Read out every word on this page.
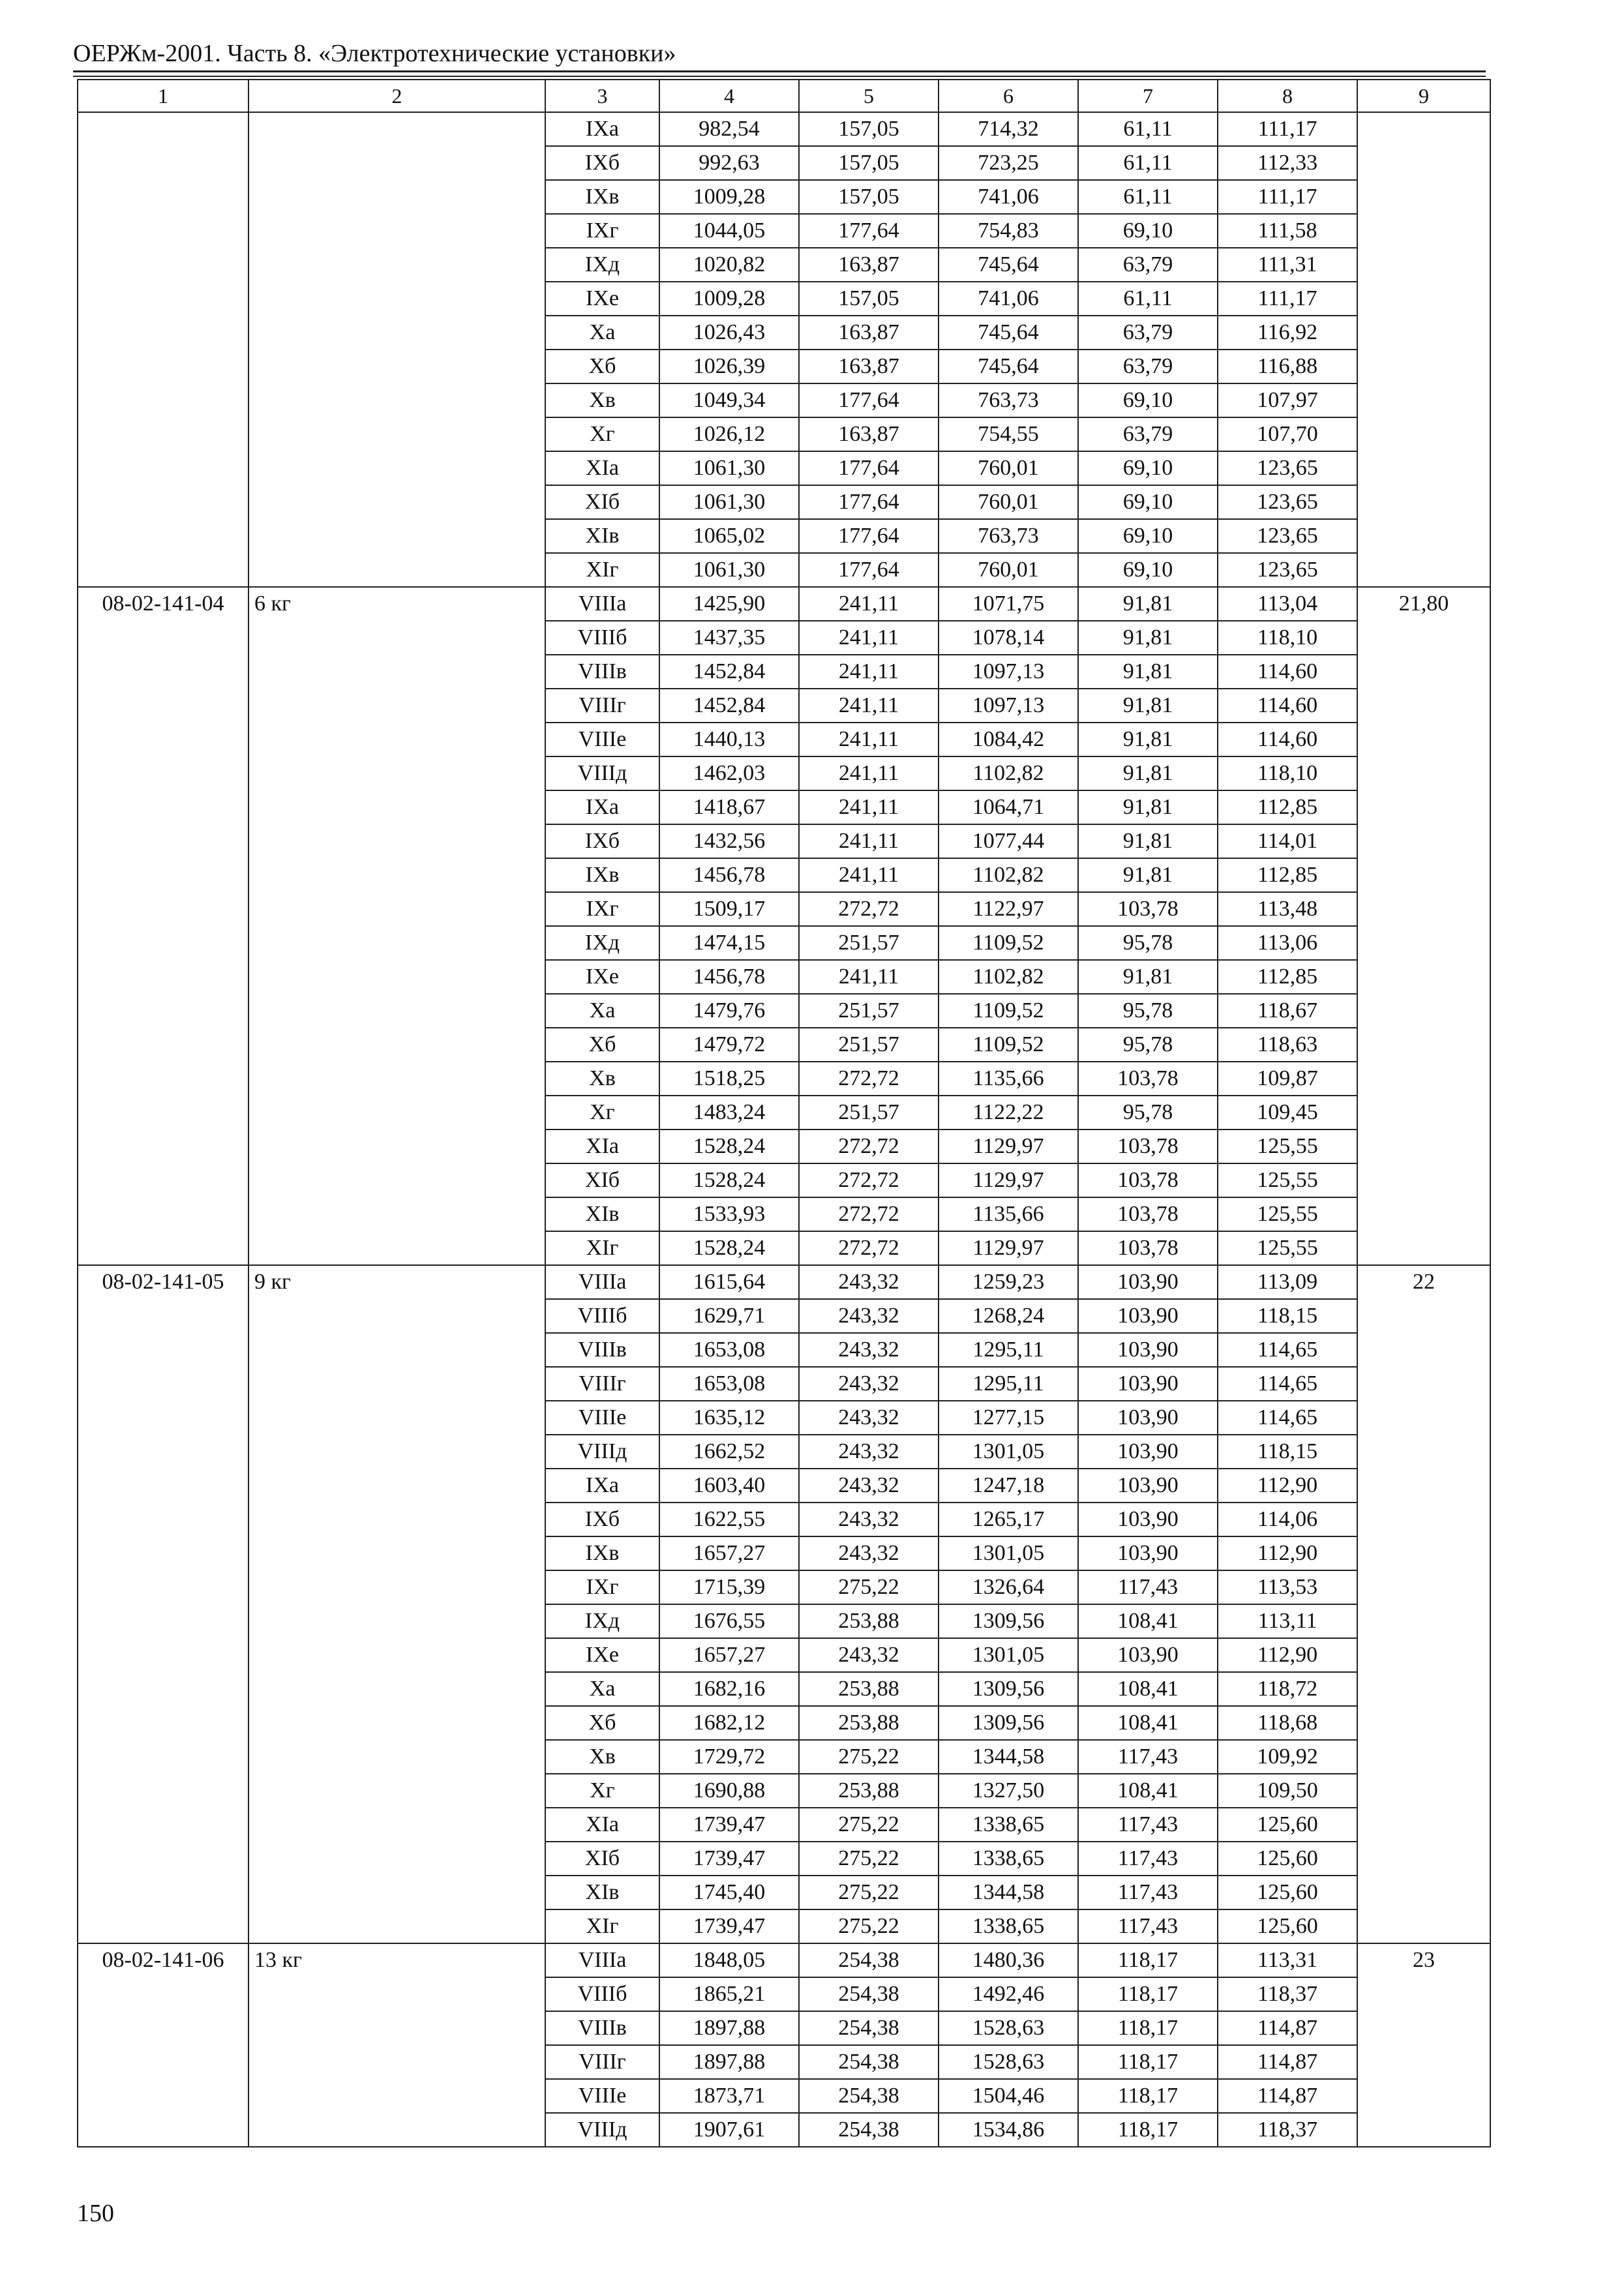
ОЕРЖм-2001. Часть 8. «Электротехнические установки»
1	2	3	4	5	6	7	8	9
		IXа	982,54	157,05	714,32	61,11	111,17	
		IXб	992,63	157,05	723,25	61,11	112,33	
		IXв	1009,28	157,05	741,06	61,11	111,17	
		IXг	1044,05	177,64	754,83	69,10	111,58	
		IXд	1020,82	163,87	745,64	63,79	111,31	
		IXе	1009,28	157,05	741,06	61,11	111,17	
		Xа	1026,43	163,87	745,64	63,79	116,92	
		Xб	1026,39	163,87	745,64	63,79	116,88	
		Xв	1049,34	177,64	763,73	69,10	107,97	
		Xг	1026,12	163,87	754,55	63,79	107,70	
		XIа	1061,30	177,64	760,01	69,10	123,65	
		XIб	1061,30	177,64	760,01	69,10	123,65	
		XIв	1065,02	177,64	763,73	69,10	123,65	
		XIг	1061,30	177,64	760,01	69,10	123,65	
08-02-141-04	6 кг	VIIIа	1425,90	241,11	1071,75	91,81	113,04	21,80
		VIIIб	1437,35	241,11	1078,14	91,81	118,10	
		VIIIв	1452,84	241,11	1097,13	91,81	114,60	
		VIIIг	1452,84	241,11	1097,13	91,81	114,60	
		VIIIе	1440,13	241,11	1084,42	91,81	114,60	
		VIIIд	1462,03	241,11	1102,82	91,81	118,10	
		IXа	1418,67	241,11	1064,71	91,81	112,85	
		IXб	1432,56	241,11	1077,44	91,81	114,01	
		IXв	1456,78	241,11	1102,82	91,81	112,85	
		IXг	1509,17	272,72	1122,97	103,78	113,48	
		IXд	1474,15	251,57	1109,52	95,78	113,06	
		IXе	1456,78	241,11	1102,82	91,81	112,85	
		Xа	1479,76	251,57	1109,52	95,78	118,67	
		Xб	1479,72	251,57	1109,52	95,78	118,63	
		Xв	1518,25	272,72	1135,66	103,78	109,87	
		Xг	1483,24	251,57	1122,22	95,78	109,45	
		XIа	1528,24	272,72	1129,97	103,78	125,55	
		XIб	1528,24	272,72	1129,97	103,78	125,55	
		XIв	1533,93	272,72	1135,66	103,78	125,55	
		XIг	1528,24	272,72	1129,97	103,78	125,55	
08-02-141-05	9 кг	VIIIа	1615,64	243,32	1259,23	103,90	113,09	22
		VIIIб	1629,71	243,32	1268,24	103,90	118,15	
		VIIIв	1653,08	243,32	1295,11	103,90	114,65	
		VIIIг	1653,08	243,32	1295,11	103,90	114,65	
		VIIIе	1635,12	243,32	1277,15	103,90	114,65	
		VIIIд	1662,52	243,32	1301,05	103,90	118,15	
		IXа	1603,40	243,32	1247,18	103,90	112,90	
		IXб	1622,55	243,32	1265,17	103,90	114,06	
		IXв	1657,27	243,32	1301,05	103,90	112,90	
		IXг	1715,39	275,22	1326,64	117,43	113,53	
		IXд	1676,55	253,88	1309,56	108,41	113,11	
		IXе	1657,27	243,32	1301,05	103,90	112,90	
		Xа	1682,16	253,88	1309,56	108,41	118,72	
		Xб	1682,12	253,88	1309,56	108,41	118,68	
		Xв	1729,72	275,22	1344,58	117,43	109,92	
		Xг	1690,88	253,88	1327,50	108,41	109,50	
		XIа	1739,47	275,22	1338,65	117,43	125,60	
		XIб	1739,47	275,22	1338,65	117,43	125,60	
		XIв	1745,40	275,22	1344,58	117,43	125,60	
		XIг	1739,47	275,22	1338,65	117,43	125,60	
08-02-141-06	13 кг	VIIIа	1848,05	254,38	1480,36	118,17	113,31	23
		VIIIб	1865,21	254,38	1492,46	118,17	118,37	
		VIIIв	1897,88	254,38	1528,63	118,17	114,87	
		VIIIг	1897,88	254,38	1528,63	118,17	114,87	
		VIIIе	1873,71	254,38	1504,46	118,17	114,87	
		VIIIд	1907,61	254,38	1534,86	118,17	118,37	
150
